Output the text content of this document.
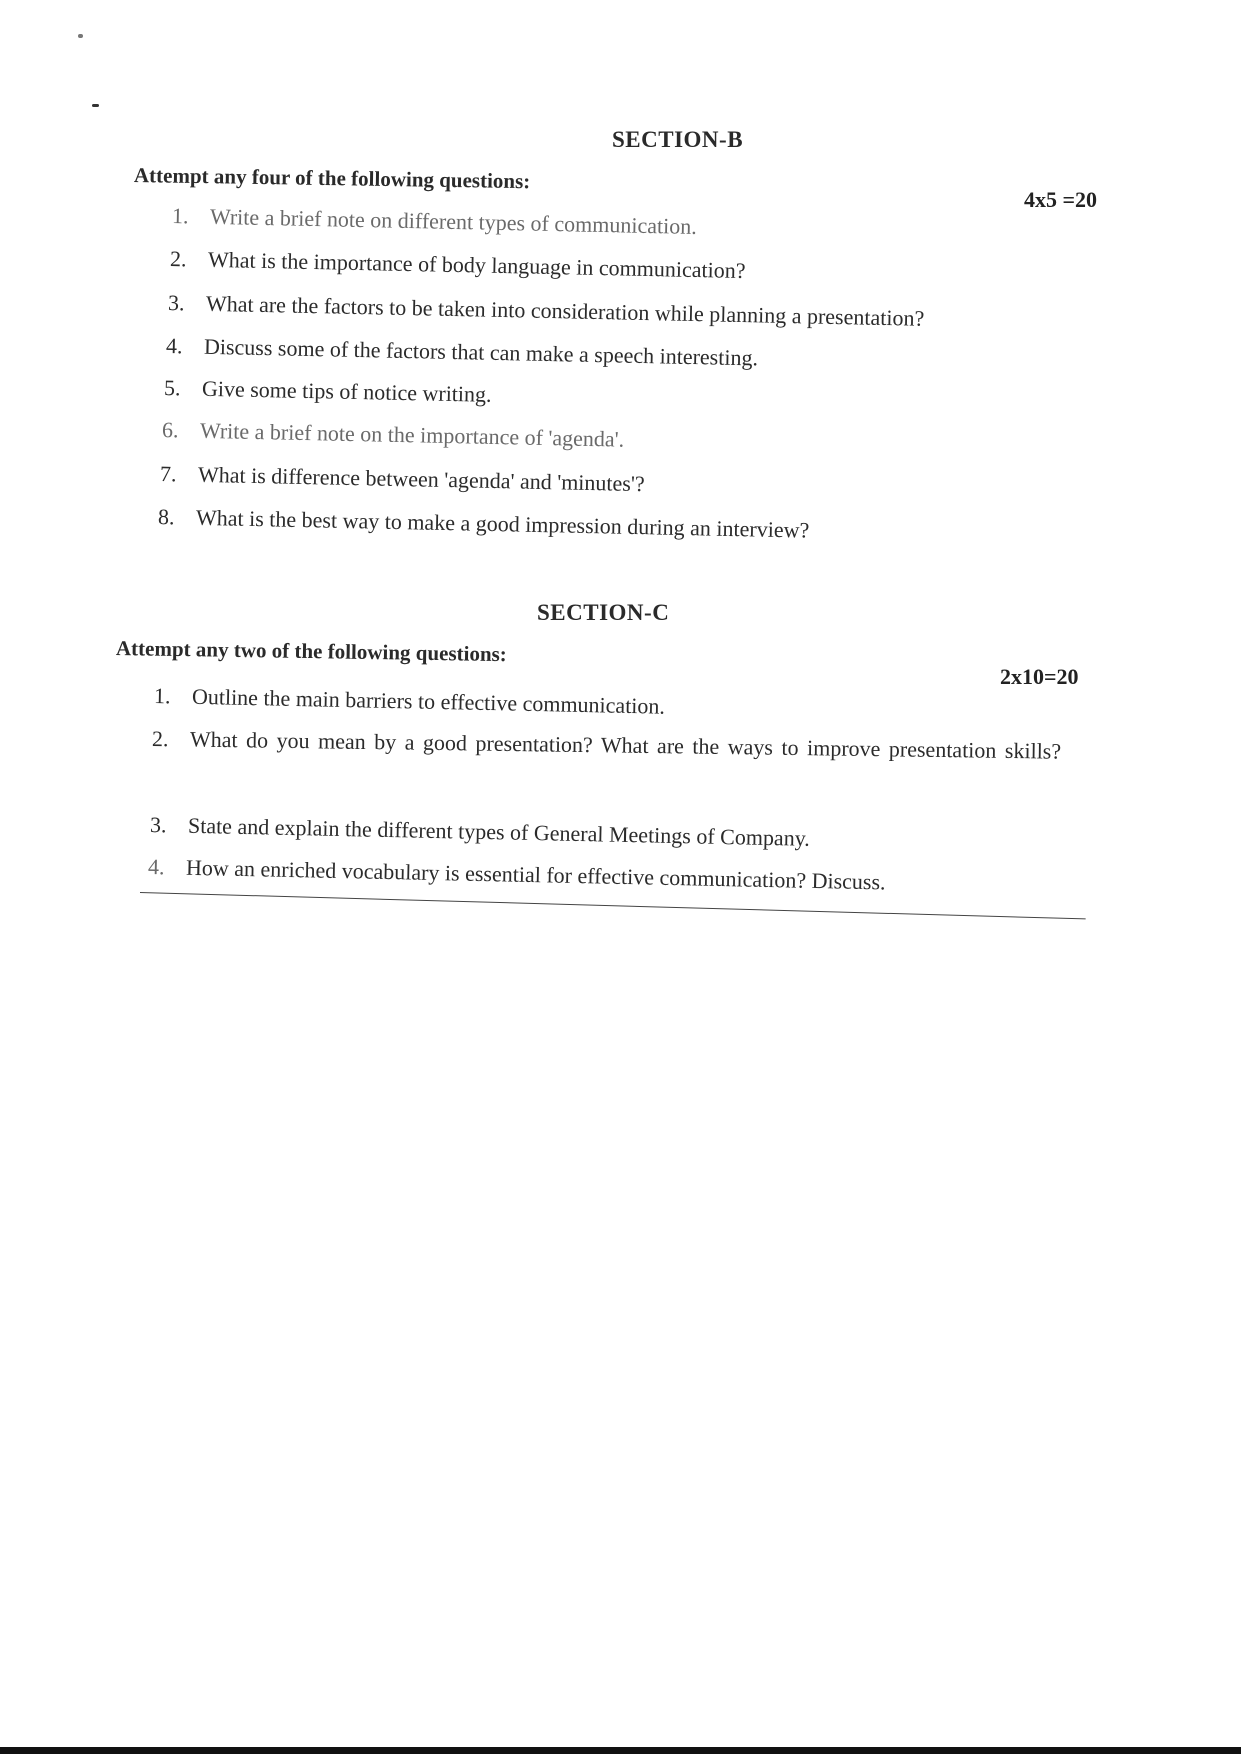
SECTION-B
Attempt any four of the following questions:
4x5 =20
1. Write a brief note on different types of communication.
2. What is the importance of body language in communication?
3. What are the factors to be taken into consideration while planning a presentation?
4. Discuss some of the factors that can make a speech interesting.
5. Give some tips of notice writing.
6. Write a brief note on the importance of 'agenda'.
7. What is difference between 'agenda' and 'minutes'?
8. What is the best way to make a good impression during an interview?
SECTION-C
Attempt any two of the following questions:
2x10=20
1. Outline the main barriers to effective communication.
2. What do you mean by a good presentation? What are the ways to improve presentation skills?
3. State and explain the different types of General Meetings of Company.
4. How an enriched vocabulary is essential for effective communication? Discuss.
